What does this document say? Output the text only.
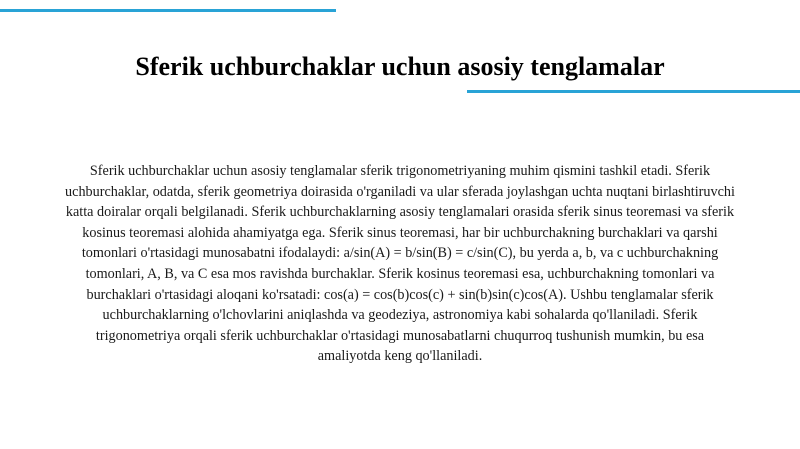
Sferik uchburchaklar uchun asosiy tenglamalar

Sferik uchburchaklar uchun asosiy tenglamalar sferik trigonometriyaning muhim qismini tashkil etadi. Sferik uchburchaklar, odatda, sferik geometriya doirasida o'rganiladi va ular sferada joylashgan uchta nuqtani birlashtiruvchi katta doiralar orqali belgilanadi. Sferik uchburchaklarning asosiy tenglamalari orasida sferik sinus teoremasi va sferik kosinus teoremasi alohida ahamiyatga ega. Sferik sinus teoremasi, har bir uchburchakning burchaklari va qarshi tomonlari o'rtasidagi munosabatni ifodalaydi: a/sin(A) = b/sin(B) = c/sin(C), bu yerda a, b, va c uchburchakning tomonlari, A, B, va C esa mos ravishda burchaklar. Sferik kosinus teoremasi esa, uchburchakning tomonlari va burchaklari o'rtasidagi aloqani ko'rsatadi: cos(a) = cos(b)cos(c) + sin(b)sin(c)cos(A). Ushbu tenglamalar sferik uchburchaklarning o'lchovlarini aniqlashda va geodeziya, astronomiya kabi sohalarda qo'llaniladi. Sferik trigonometriya orqali sferik uchburchaklar o'rtasidagi munosabatlarni chuqurroq tushunish mumkin, bu esa amaliyotda keng qo'llaniladi.
